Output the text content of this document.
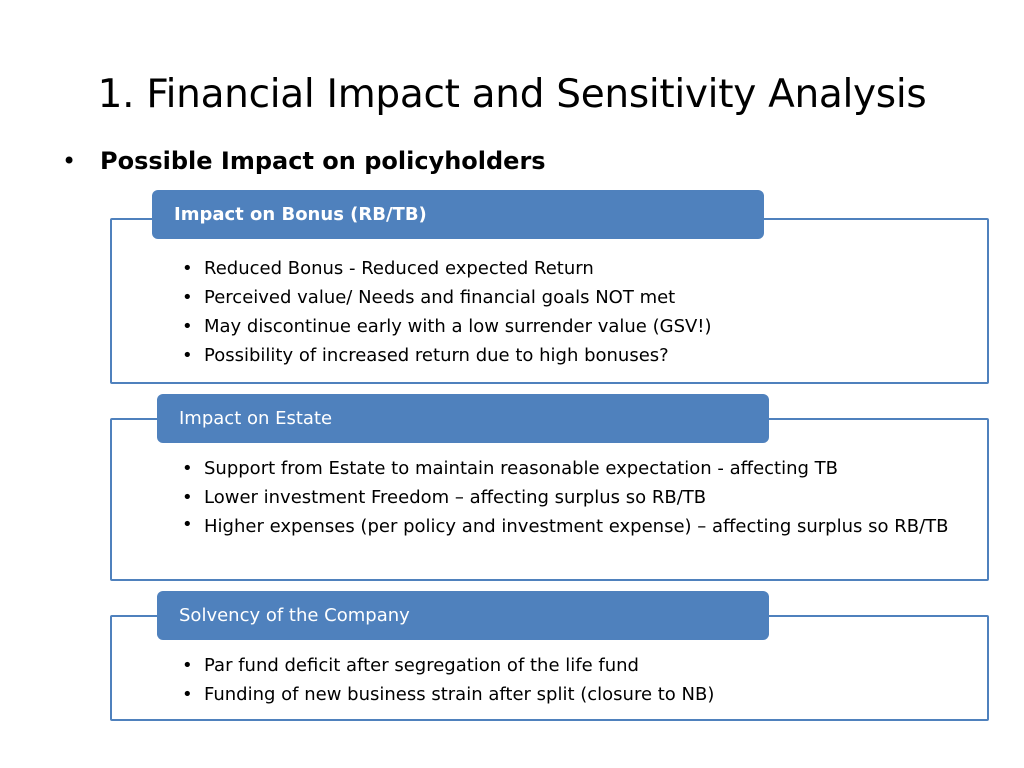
1. Financial Impact and Sensitivity Analysis
• Possible Impact on policyholders
Impact on Bonus (RB/TB)
• Reduced Bonus - Reduced expected Return
• Perceived value/ Needs and financial goals NOT met
• May discontinue early with a low surrender value (GSV!)
• Possibility of increased return due to high bonuses?
Impact on Estate
• Support from Estate to maintain reasonable expectation - affecting TB
• Lower investment Freedom – affecting surplus so RB/TB
• Higher expenses (per policy and investment expense) – affecting surplus so RB/TB
Solvency of the Company
• Par fund deficit after segregation of the life fund
• Funding of new business strain after split (closure to NB)
